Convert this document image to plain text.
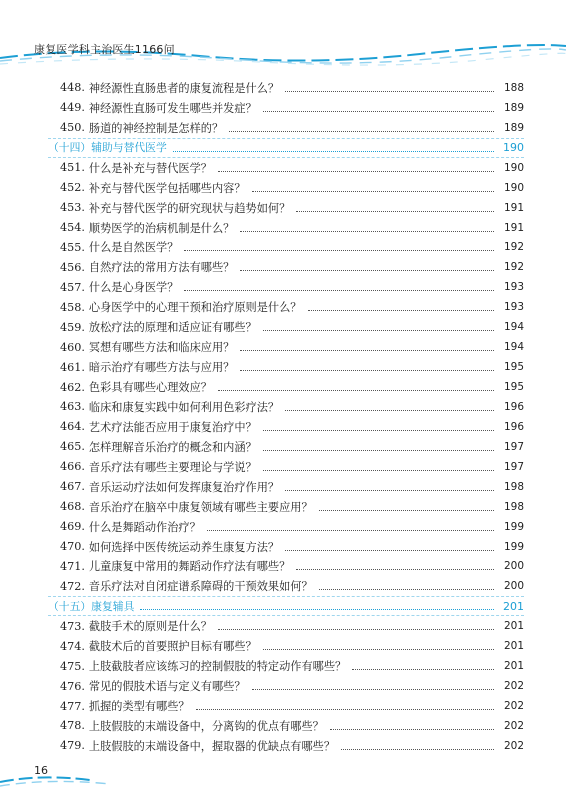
康复医学科主治医生1166问
448. 神经源性直肠患者的康复流程是什么？	188
449. 神经源性直肠可发生哪些并发症？	189
450. 肠道的神经控制是怎样的？	189
（十四）辅助与替代医学	190
451. 什么是补充与替代医学？	190
452. 补充与替代医学包括哪些内容？	190
453. 补充与替代医学的研究现状与趋势如何？	191
454. 顺势医学的治病机制是什么？	191
455. 什么是自然医学？	192
456. 自然疗法的常用方法有哪些？	192
457. 什么是心身医学？	193
458. 心身医学中的心理干预和治疗原则是什么？	193
459. 放松疗法的原理和适应证有哪些？	194
460. 冥想有哪些方法和临床应用？	194
461. 暗示治疗有哪些方法与应用？	195
462. 色彩具有哪些心理效应？	195
463. 临床和康复实践中如何利用色彩疗法？	196
464. 艺术疗法能否应用于康复治疗中？	196
465. 怎样理解音乐治疗的概念和内涵？	197
466. 音乐疗法有哪些主要理论与学说？	197
467. 音乐运动疗法如何发挥康复治疗作用？	198
468. 音乐治疗在脑卒中康复领域有哪些主要应用？	198
469. 什么是舞蹈动作治疗？	199
470. 如何选择中医传统运动养生康复方法？	199
471. 儿童康复中常用的舞蹈动作疗法有哪些？	200
472. 音乐疗法对自闭症谱系障碍的干预效果如何？	200
（十五）康复辅具	201
473. 截肢手术的原则是什么？	201
474. 截肢术后的首要照护目标有哪些？	201
475. 上肢截肢者应该练习的控制假肢的特定动作有哪些？	201
476. 常见的假肢术语与定义有哪些？	202
477. 抓握的类型有哪些？	202
478. 上肢假肢的末端设备中，分离钩的优点有哪些？	202
479. 上肢假肢的末端设备中，握取器的优缺点有哪些？	202
16
